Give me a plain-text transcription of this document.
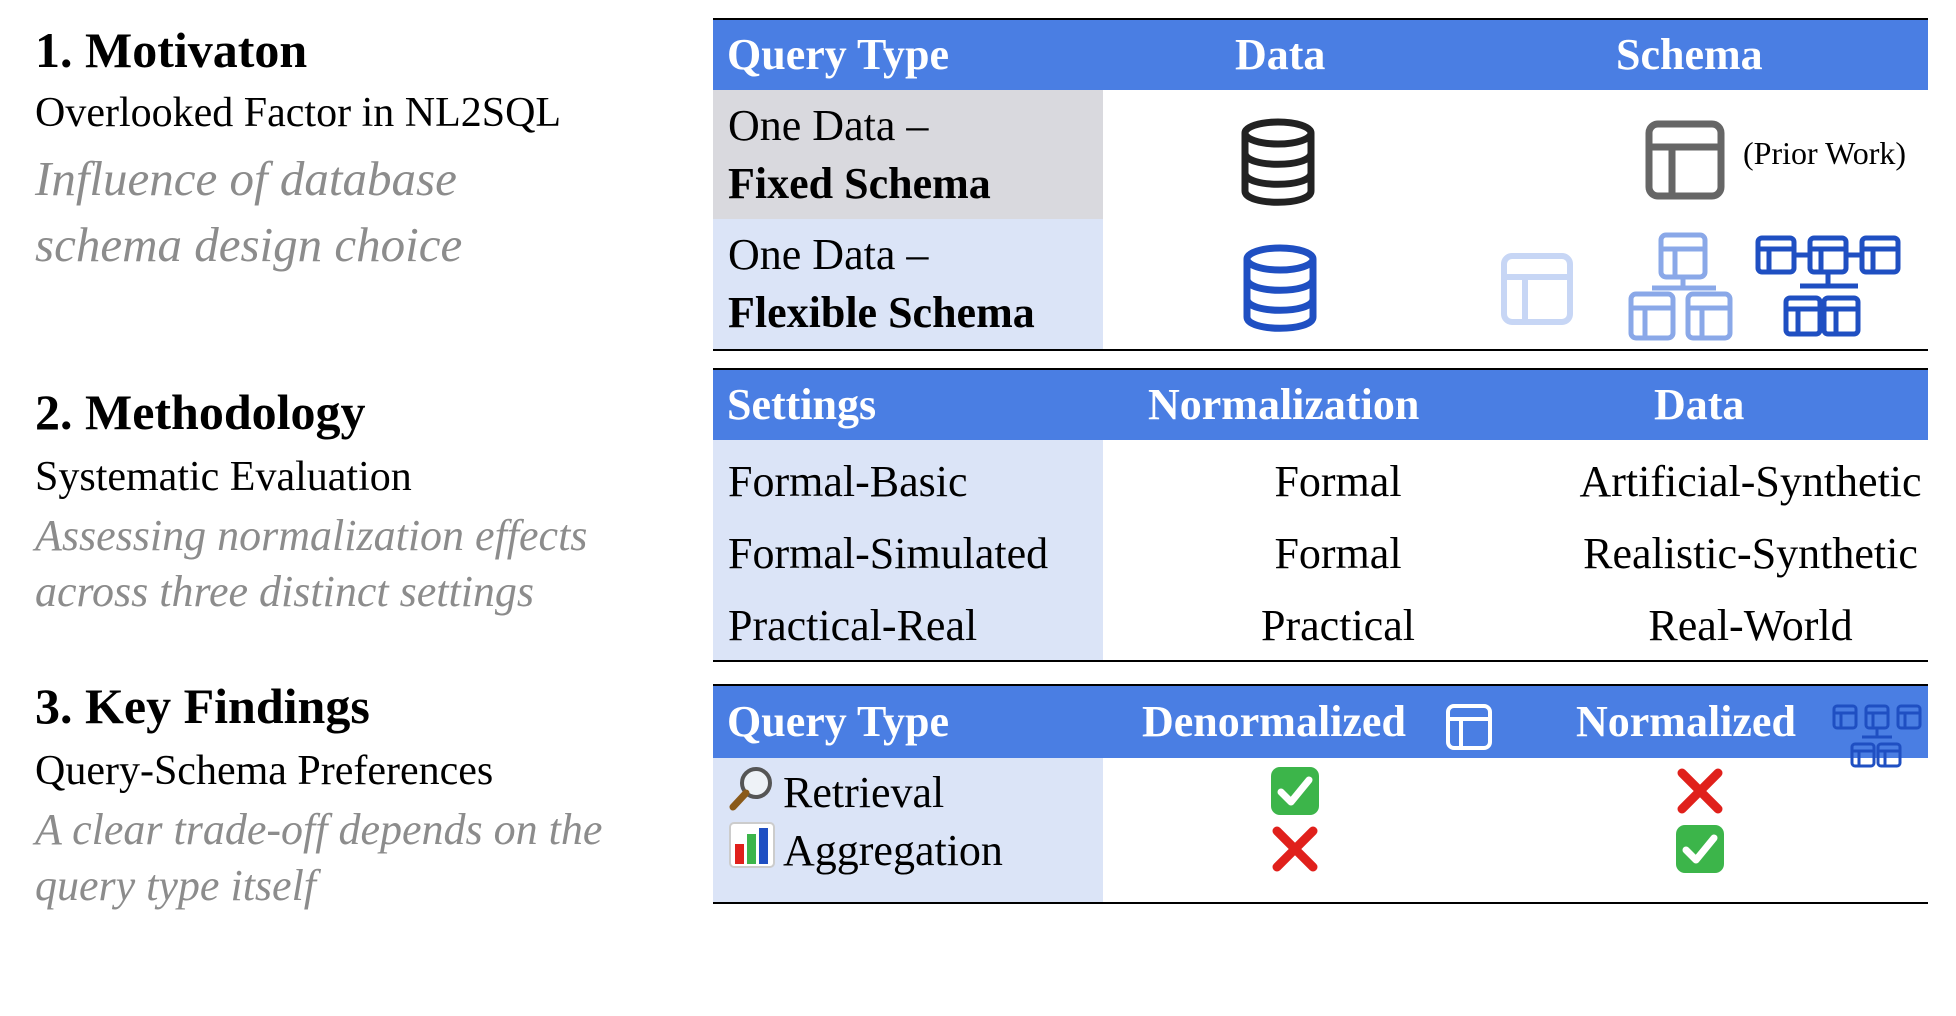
1. Motivaton
Overlooked Factor in NL2SQL
Influence of database
schema design choice
2. Methodology
Systematic Evaluation
Assessing normalization effects
across three distinct settings
3. Key Findings
Query-Schema Preferences
A clear trade-off depends on the
query type itself
Query Type	Data	Schema
One Data –
Fixed Schema
(Prior Work)
One Data –
Flexible Schema
Settings	Normalization	Data
Formal-Basic	Formal	Artificial-Synthetic
Formal-Simulated	Formal	Realistic-Synthetic
Practical-Real	Practical	Real-World
Query Type	Denormalized	Normalized
Retrieval
Aggregation
